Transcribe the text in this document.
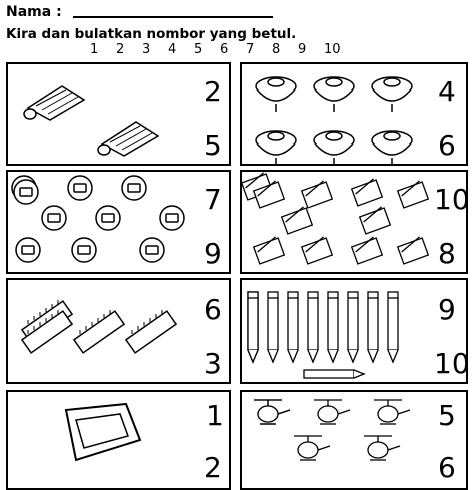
Nama :
Kira dan bulatkan nombor yang betul.
1 2 3 4 5 6 7 8 9 10
2
5
4
6
7
9
10
8
6
3
9
10
1
2
5
6
